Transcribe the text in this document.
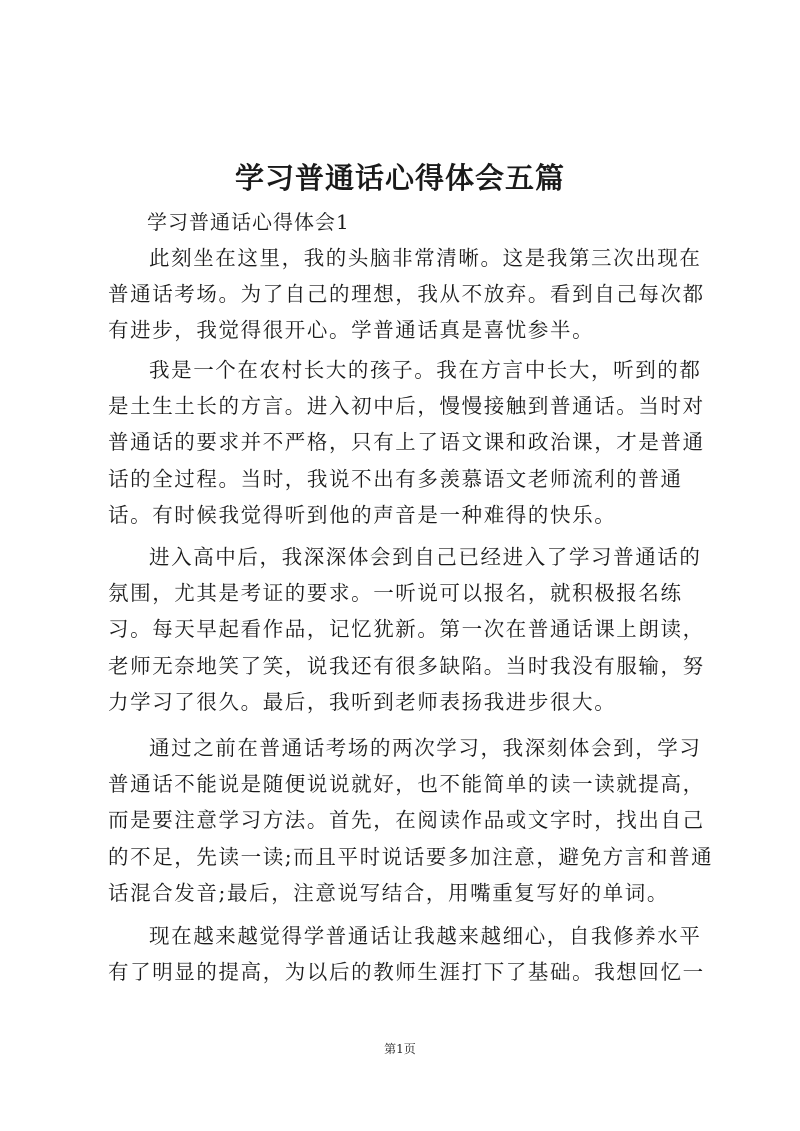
学习普通话心得体会五篇
学习普通话心得体会1
此刻坐在这里，我的头脑非常清晰。这是我第三次出现在
普通话考场。为了自己的理想，我从不放弃。看到自己每次都
有进步，我觉得很开心。学普通话真是喜忧参半。
我是一个在农村长大的孩子。我在方言中长大，听到的都
是土生土长的方言。进入初中后，慢慢接触到普通话。当时对
普通话的要求并不严格，只有上了语文课和政治课，才是普通
话的全过程。当时，我说不出有多羡慕语文老师流利的普通
话。有时候我觉得听到他的声音是一种难得的快乐。
进入高中后，我深深体会到自己已经进入了学习普通话的
氛围，尤其是考证的要求。一听说可以报名，就积极报名练
习。每天早起看作品，记忆犹新。第一次在普通话课上朗读，
老师无奈地笑了笑，说我还有很多缺陷。当时我没有服输，努
力学习了很久。最后，我听到老师表扬我进步很大。
通过之前在普通话考场的两次学习，我深刻体会到，学习
普通话不能说是随便说说就好，也不能简单的读一读就提高，
而是要注意学习方法。首先，在阅读作品或文字时，找出自己
的不足，先读一读;而且平时说话要多加注意，避免方言和普通
话混合发音;最后，注意说写结合，用嘴重复写好的单词。
现在越来越觉得学普通话让我越来越细心，自我修养水平
有了明显的提高，为以后的教师生涯打下了基础。我想回忆一
第1页
